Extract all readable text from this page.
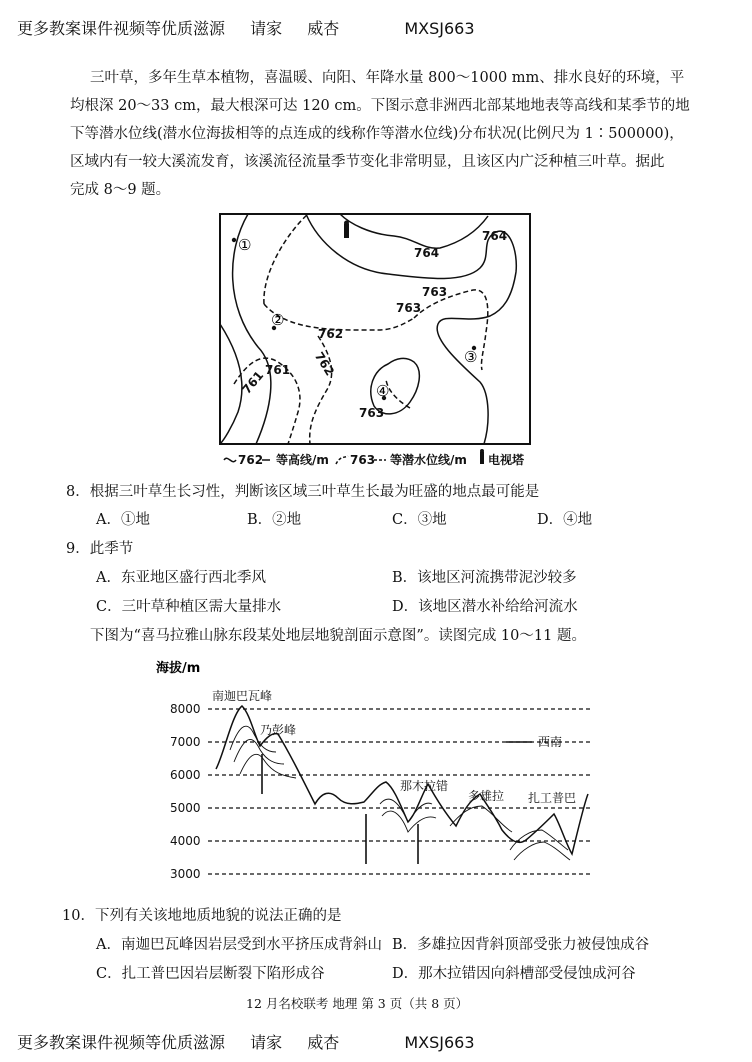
更多教案课件视频等优质滋源 请家 威杏	MXSJ663
三叶草，多年生草本植物，喜温暖、向阳、年降水量 800～1000 mm、排水良好的环境，平
均根深 20～33 cm，最大根深可达 120 cm。下图示意非洲西北部某地地表等高线和某季节的地
下等潜水位线(潜水位海拔相等的点连成的线称作等潜水位线)分布状况(比例尺为 1∶500000)，
区域内有一较大溪流发育，该溪流径流量季节变化非常明显，且该区内广泛种植三叶草。据此
完成 8～9 题。
①
②
③
④
764
764
763
763
762
762
761
761
763
762 等高线/m 763 等潜水位线/m 电视塔
8．根据三叶草生长习性，判断该区域三叶草生长最为旺盛的地点最可能是
A．①地	B．②地	C．③地	D．④地
9．此季节
A．东亚地区盛行西北季风	B．该地区河流携带泥沙较多
C．三叶草种植区需大量排水	D．该地区潜水补给给河流水
下图为“喜马拉雅山脉东段某处地层地貌剖面示意图”。读图完成 10～11 题。
海拔/m
8000
7000
6000
5000
4000
3000
南迦巴瓦峰
乃彭峰
那木拉错
多雄拉 扎工普巴
西南
10．下列有关该地地质地貌的说法正确的是
A．南迦巴瓦峰因岩层受到水平挤压成背斜山 B．多雄拉因背斜顶部受张力被侵蚀成谷
C．扎工普巴因岩层断裂下陷形成谷	D．那木拉错因向斜槽部受侵蚀成河谷
12 月名校联考 地理 第 3 页（共 8 页）
更多教案课件视频等优质滋源 请家 威杏	MXSJ663
